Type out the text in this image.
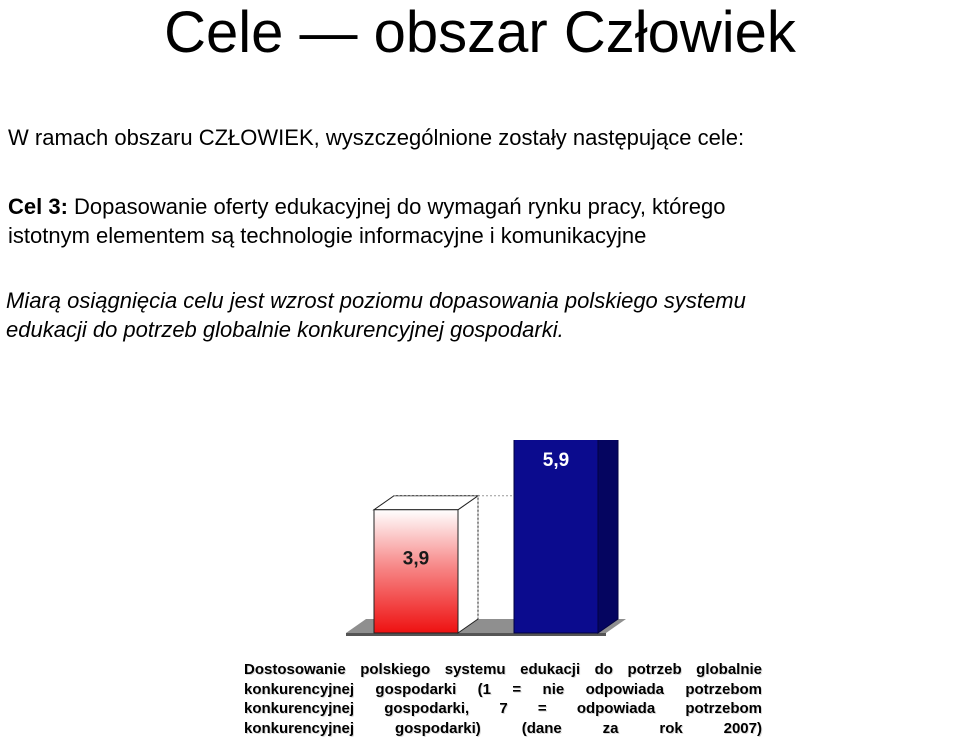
Cele — obszar Człowiek
W ramach obszaru CZŁOWIEK, wyszczególnione zostały następujące cele:
Cel 3: Dopasowanie oferty edukacyjnej do wymagań rynku pracy, którego
istotnym elementem są technologie informacyjne i komunikacyjne
Miarą osiągnięcia celu jest wzrost poziomu dopasowania polskiego systemu
edukacji do potrzeb globalnie konkurencyjnej gospodarki.
3,9
5,9
Dostosowanie polskiego systemu edukacji do potrzeb globalnie
konkurencyjnej gospodarki (1 = nie odpowiada potrzebom
konkurencyjnej gospodarki, 7 = odpowiada potrzebom
konkurencyjnej gospodarki) (dane za rok 2007)
